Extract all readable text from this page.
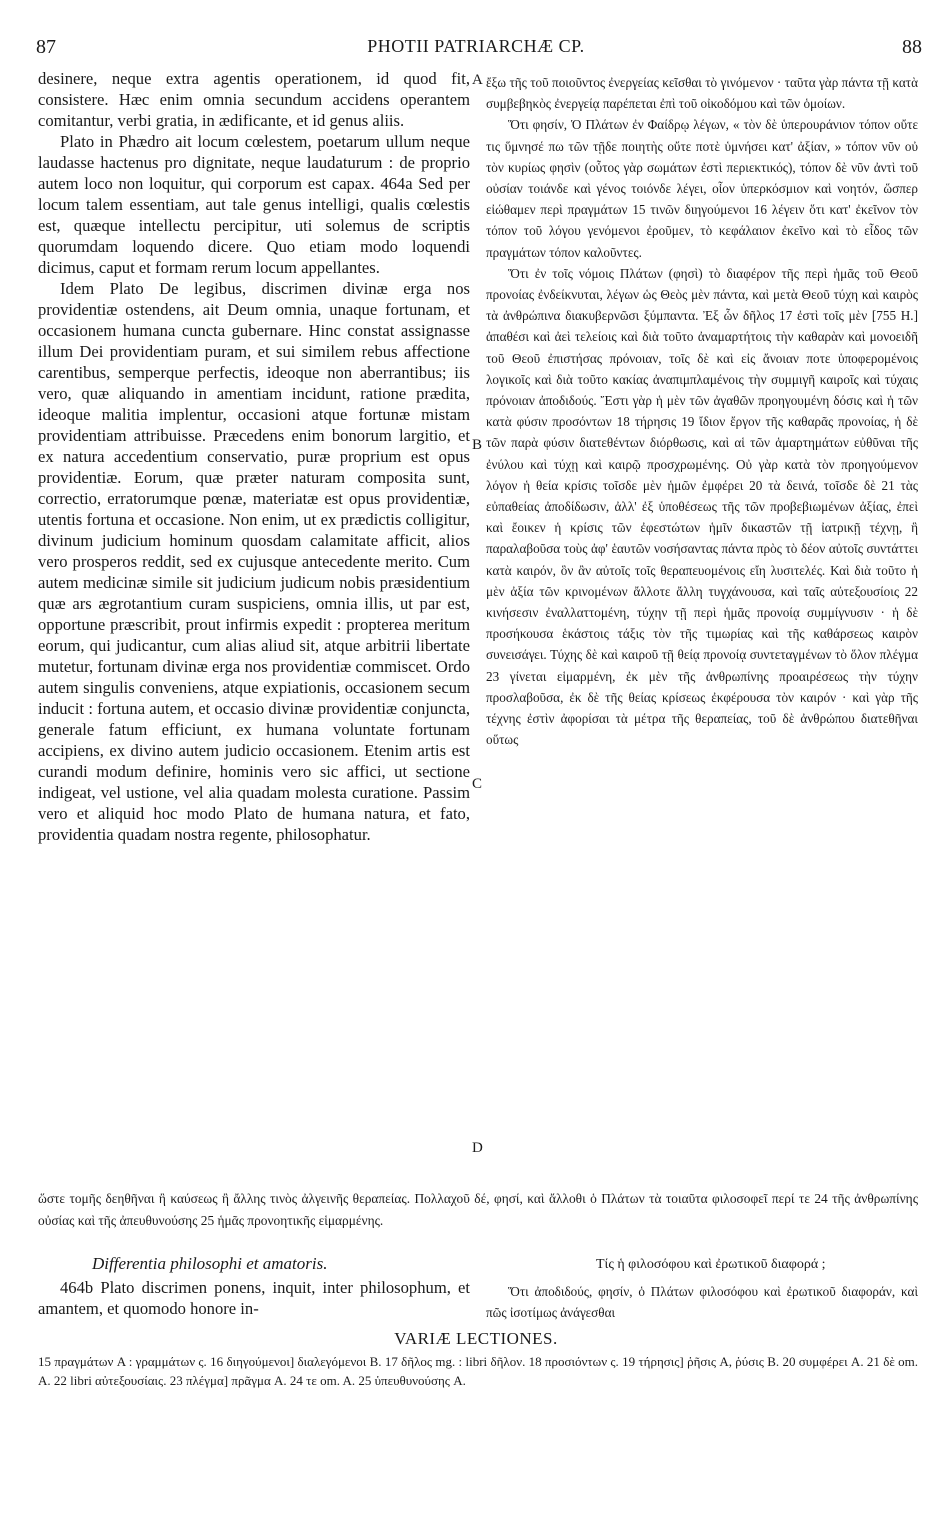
87	PHOTII PATRIARCHÆ CP.	88

desinere, neque extra agentis operationem, id quod fit, consistere. Hæc enim omnia secundum accidens operantem comitantur, verbi gratia, in ædificante, et id genus aliis.

Plato in Phædro ait locum cœlestem, poetarum ullum neque laudasse hactenus pro dignitate, neque laudaturum : de proprio autem loco non loquitur, qui corporum est capax. 464a Sed per locum talem essentiam, aut tale genus intelligi, qualis cœlestis est, quæque intellectu percipitur, uti solemus de scriptis quorumdam loquendo dicere. Quo etiam modo loquendi dicimus, caput et formam rerum locum appellantes.

Idem Plato De legibus, discrimen divinæ erga nos providentiæ ostendens, ait Deum omnia, unaque fortunam, et occasionem humana cuncta gubernare. Hinc constat assignasse illum Dei providentiam puram, et sui similem rebus affectione carentibus, semperque perfectis, ideoque non aberrantibus; iis vero, quæ aliquando in amentiam incidunt, ratione prædita, ideoque malitia implentur, occasioni atque fortunæ mistam providentiam attribuisse. Præcedens enim bonorum largitio, et ex natura accedentium conservatio, puræ proprium est opus providentiæ. Eorum, quæ præter naturam composita sunt, correctio, erratorumque pœnæ, materiatæ est opus providentiæ, utentis fortuna et occasione. Non enim, ut ex prædictis colligitur, divinum judicium hominum quosdam calamitate afficit, alios vero prosperos reddit, sed ex cujusque antecedente merito. Cum autem medicinæ simile sit judicium judicum nobis præsidentium quæ ars ægrotantium curam suspiciens, omnia illis, ut par est, opportune præscribit, prout infirmis expedit : propterea meritum eorum, qui judicantur, cum alias aliud sit, atque arbitrii libertate mutetur, fortunam divinæ erga nos providentiæ commiscet. Ordo autem singulis conveniens, atque expiationis, occasionem secum inducit : fortuna autem, et occasio divinæ providentiæ conjuncta, generale fatum efficiunt, ex humana voluntate fortunam accipiens, ex divino autem judicio occasionem. Etenim artis est curandi modum definire, hominis vero sic affici, ut sectione indigeat, vel ustione, vel alia quadam molesta curatione. Passim vero et aliquid hoc modo Plato de humana natura, et fato, providentia quadam nostra regente, philosophatur.

A
B
C
D

ἔξω τῆς τοῦ ποιοῦντος ἐνεργείας κεῖσθαι τὸ γινόμενον · ταῦτα γὰρ πάντα τῇ κατὰ συμβεβηκὸς ἐνεργείᾳ παρέπεται ἐπὶ τοῦ οἰκοδόμου καὶ τῶν ὁμοίων.

Ὅτι φησίν, Ὁ Πλάτων ἐν Φαίδρῳ λέγων, « τὸν δὲ ὑπερουράνιον τόπον οὔτε τις ὕμνησέ πω τῶν τῇδε ποιητὴς οὔτε ποτὲ ὑμνήσει κατ' ἀξίαν, » τόπον νῦν οὐ τὸν κυρίως φησὶν (οὗτος γὰρ σωμάτων ἐστὶ περιεκτικός), τόπον δὲ νῦν ἀντὶ τοῦ οὐσίαν τοιάνδε καὶ γένος τοιόνδε λέγει, οἷον ὑπερκόσμιον καὶ νοητόν, ὥσπερ εἰώθαμεν περὶ πραγμάτων 15 τινῶν διηγούμενοι 16 λέγειν ὅτι κατ' ἐκεῖνον τὸν τόπον τοῦ λόγου γενόμενοι ἐροῦμεν, τὸ κεφάλαιον ἐκεῖνο καὶ τὸ εἶδος τῶν πραγμάτων τόπον καλοῦντες.

Ὅτι ἐν τοῖς νόμοις Πλάτων (φησὶ) τὸ διαφέρον τῆς περὶ ἡμᾶς τοῦ Θεοῦ προνοίας ἐνδείκνυται, λέγων ὡς Θεὸς μὲν πάντα, καὶ μετὰ Θεοῦ τύχη καὶ καιρὸς τὰ ἀνθρώπινα διακυβερνῶσι ξύμπαντα. Ἐξ ὧν δῆλος 17 ἐστὶ τοῖς μὲν [755 H.] ἀπαθέσι καὶ ἀεὶ τελείοις καὶ διὰ τοῦτο ἀναμαρτήτοις τὴν καθαρὰν καὶ μονοειδῆ τοῦ Θεοῦ ἐπιστήσας πρόνοιαν, τοῖς δὲ καὶ εἰς ἄνοιαν ποτε ὑποφερομένοις λογικοῖς καὶ διὰ τοῦτο κακίας ἀναπιμπλαμένοις τὴν συμμιγῆ καιροῖς καὶ τύχαις πρόνοιαν ἀποδιδούς. Ἔστι γὰρ ἡ μὲν τῶν ἀγαθῶν προηγουμένη δόσις καὶ ἡ τῶν κατὰ φύσιν προσόντων 18 τήρησις 19 ἴδιον ἔργον τῆς καθαρᾶς προνοίας, ἡ δὲ τῶν παρὰ φύσιν διατεθέντων διόρθωσις, καὶ αἱ τῶν ἁμαρτημάτων εὐθῦναι τῆς ἐνύλου καὶ τύχῃ καὶ καιρῷ προσχρωμένης. Οὐ γὰρ κατὰ τὸν προηγούμενον λόγον ἡ θεία κρίσις τοῖσδε μὲν ἡμῶν ἐμφέρει 20 τὰ δεινά, τοῖσδε δὲ 21 τὰς εὐπαθείας ἀποδίδωσιν, ἀλλ' ἐξ ὑποθέσεως τῆς τῶν προβεβιωμένων ἀξίας, ἐπεὶ καὶ ἔοικεν ἡ κρίσις τῶν ἐφεστώτων ἡμῖν δικαστῶν τῇ ἰατρικῇ τέχνῃ, ἣ παραλαβοῦσα τοὺς ἀφ' ἑαυτῶν νοσήσαντας πάντα πρὸς τὸ δέον αὐτοῖς συντάττει κατὰ καιρόν, ὃν ἂν αὐτοῖς τοῖς θεραπευομένοις εἴη λυσιτελές. Καὶ διὰ τοῦτο ἡ μὲν ἀξία τῶν κρινομένων ἄλλοτε ἄλλη τυγχάνουσα, καὶ ταῖς αὐτεξουσίοις 22 κινήσεσιν ἐναλλαττομένη, τύχην τῇ περὶ ἡμᾶς προνοίᾳ συμμίγνυσιν · ἡ δὲ προσήκουσα ἑκάστοις τάξις τὸν τῆς τιμωρίας καὶ τῆς καθάρσεως καιρὸν συνεισάγει. Τύχης δὲ καὶ καιροῦ τῇ θείᾳ προνοίᾳ συντεταγμένων τὸ ὅλον πλέγμα 23 γίνεται εἱμαρμένη, ἐκ μὲν τῆς ἀνθρωπίνης προαιρέσεως τὴν τύχην προσλαβοῦσα, ἐκ δὲ τῆς θείας κρίσεως ἐκφέρουσα τὸν καιρόν · καὶ γὰρ τῆς τέχνης ἐστὶν ἀφορίσαι τὰ μέτρα τῆς θεραπείας, τοῦ δὲ ἀνθρώπου διατεθῆναι οὕτως

ὥστε τομῆς δεηθῆναι ἢ καύσεως ἢ ἄλλης τινὸς ἀλγεινῆς θεραπείας. Πολλαχοῦ δέ, φησί, καὶ ἄλλοθι ὁ Πλάτων τὰ τοιαῦτα φιλοσοφεῖ περί τε 24 τῆς ἀνθρωπίνης οὐσίας καὶ τῆς ἀπευθυνούσης 25 ἡμᾶς προνοητικῆς εἱμαρμένης.

Differentia philosophi et amatoris.	Τίς ἡ φιλοσόφου καὶ ἐρωτικοῦ διαφορά ;

464b Plato discrimen ponens, inquit, inter philosophum, et amantem, et quomodo honore in-

Ὅτι ἀποδιδούς, φησίν, ὁ Πλάτων φιλοσόφου καὶ ἐρωτικοῦ διαφοράν, καὶ πῶς ἰσοτίμως ἀνάγεσθαι

VARIÆ LECTIONES.
15 πραγμάτων A : γραμμάτων ς. 16 διηγούμενοι] διαλεγόμενοι B. 17 δῆλος mg. : libri δῆλον. 18 προσιόντων ς. 19 τήρησις] ῥῆσις A, ῥύσις B. 20 συμφέρει A. 21 δὲ om. A. 22 libri αὐτεξουσίαις. 23 πλέγμα] πρᾶγμα A. 24 τε om. A. 25 ὑπευθυνούσης A.
